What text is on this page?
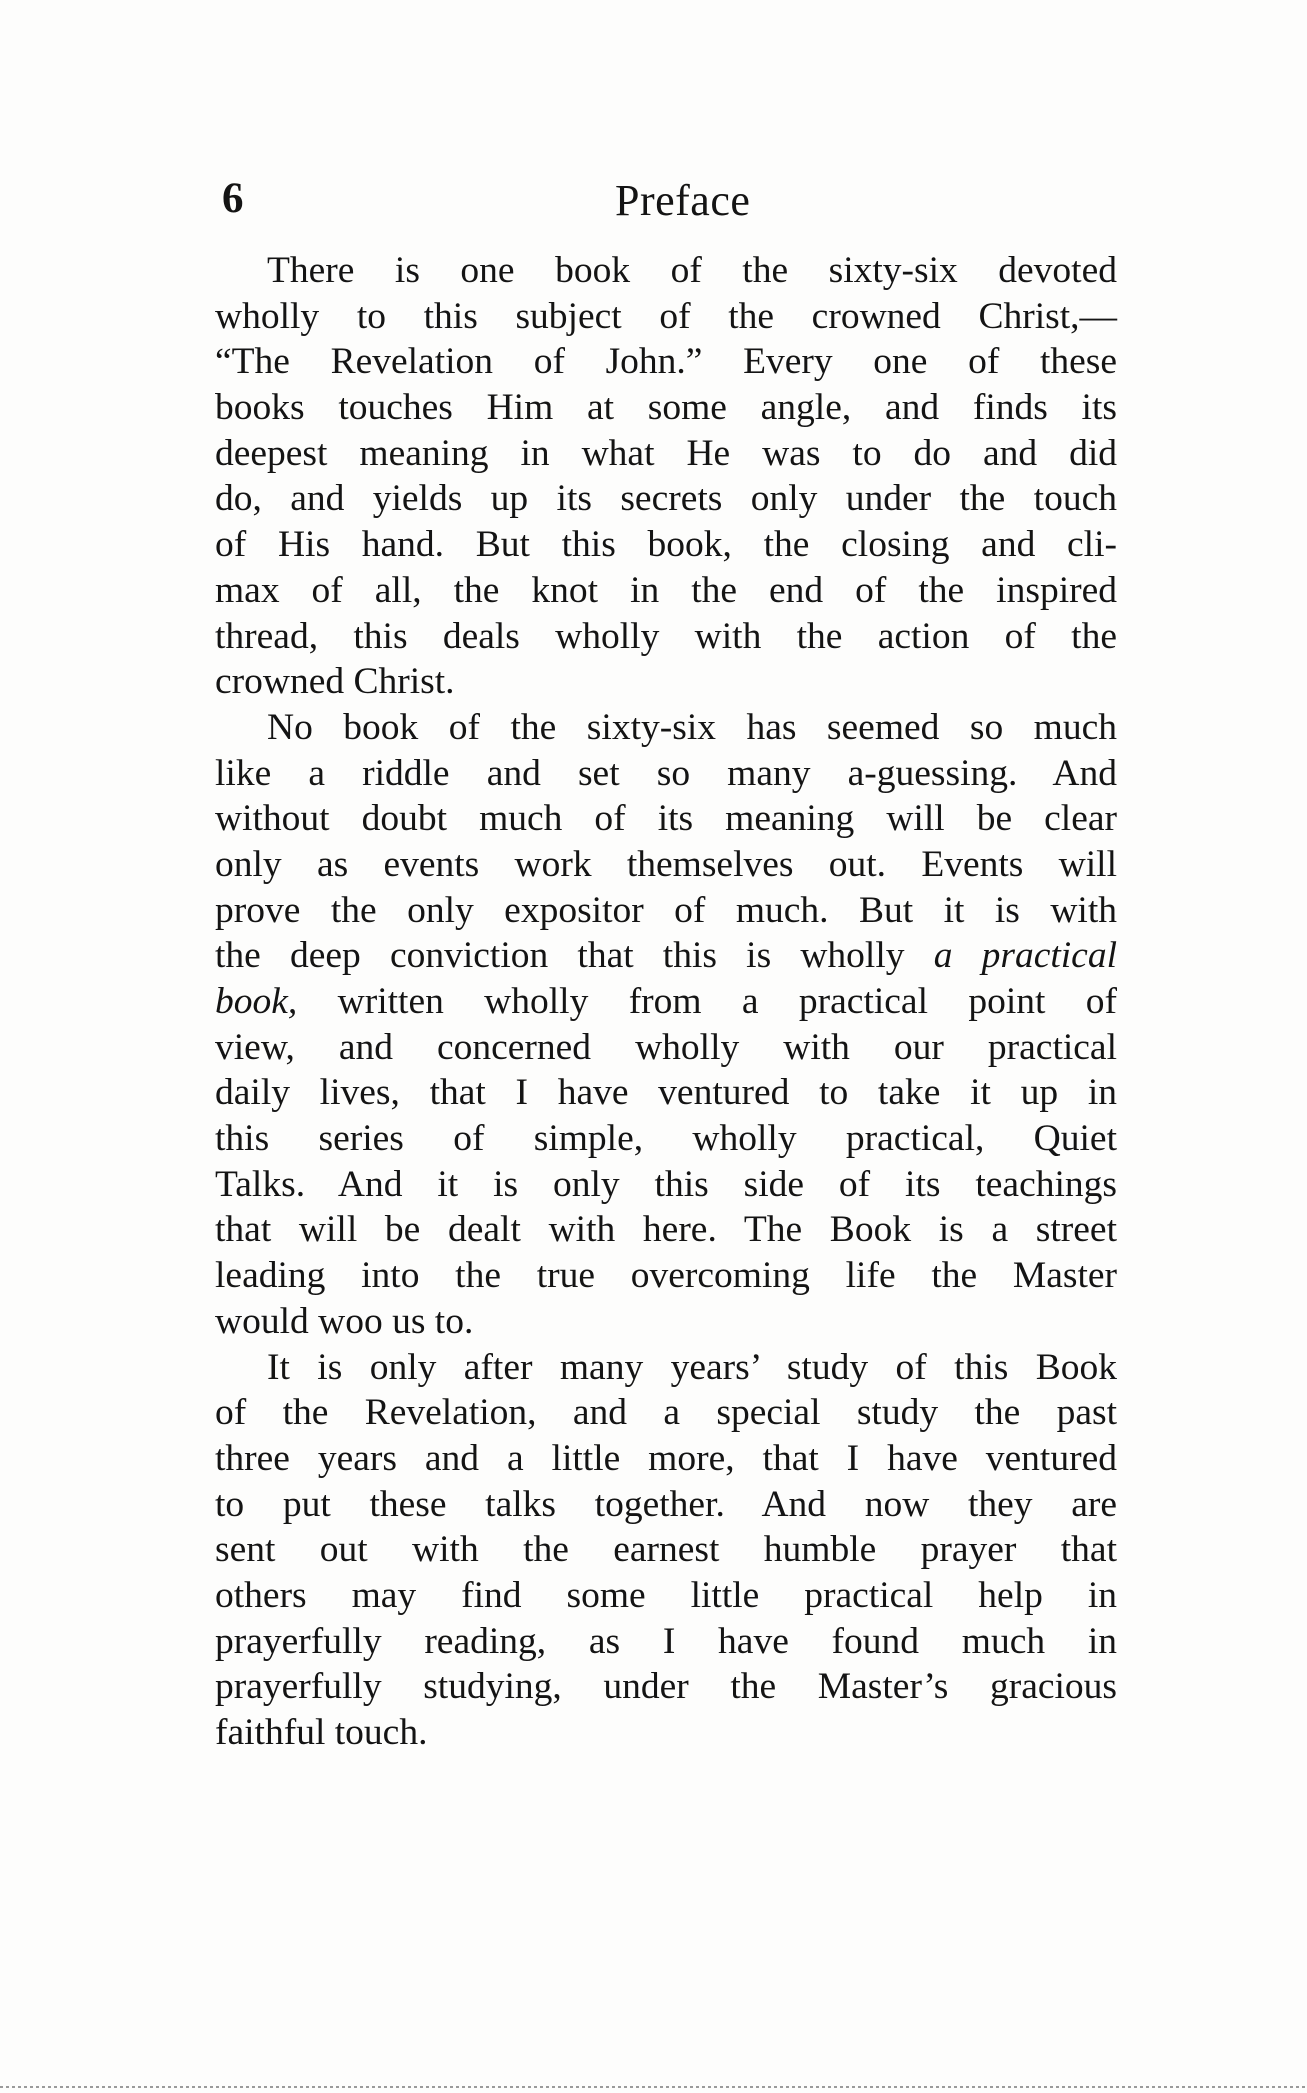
6	Preface
There is one book of the sixty-six devoted
wholly to this subject of the crowned Christ,—
“The Revelation of John.” Every one of these
books touches Him at some angle, and finds its
deepest meaning in what He was to do and did
do, and yields up its secrets only under the touch
of His hand. But this book, the closing and cli-
max of all, the knot in the end of the inspired
thread, this deals wholly with the action of the
crowned Christ.
No book of the sixty-six has seemed so much
like a riddle and set so many a-guessing. And
without doubt much of its meaning will be clear
only as events work themselves out. Events will
prove the only expositor of much. But it is with
the deep conviction that this is wholly a practical
book, written wholly from a practical point of
view, and concerned wholly with our practical
daily lives, that I have ventured to take it up in
this series of simple, wholly practical, Quiet
Talks. And it is only this side of its teachings
that will be dealt with here. The Book is a street
leading into the true overcoming life the Master
would woo us to.
It is only after many years’ study of this Book
of the Revelation, and a special study the past
three years and a little more, that I have ventured
to put these talks together. And now they are
sent out with the earnest humble prayer that
others may find some little practical help in
prayerfully reading, as I have found much in
prayerfully studying, under the Master’s gracious
faithful touch.
